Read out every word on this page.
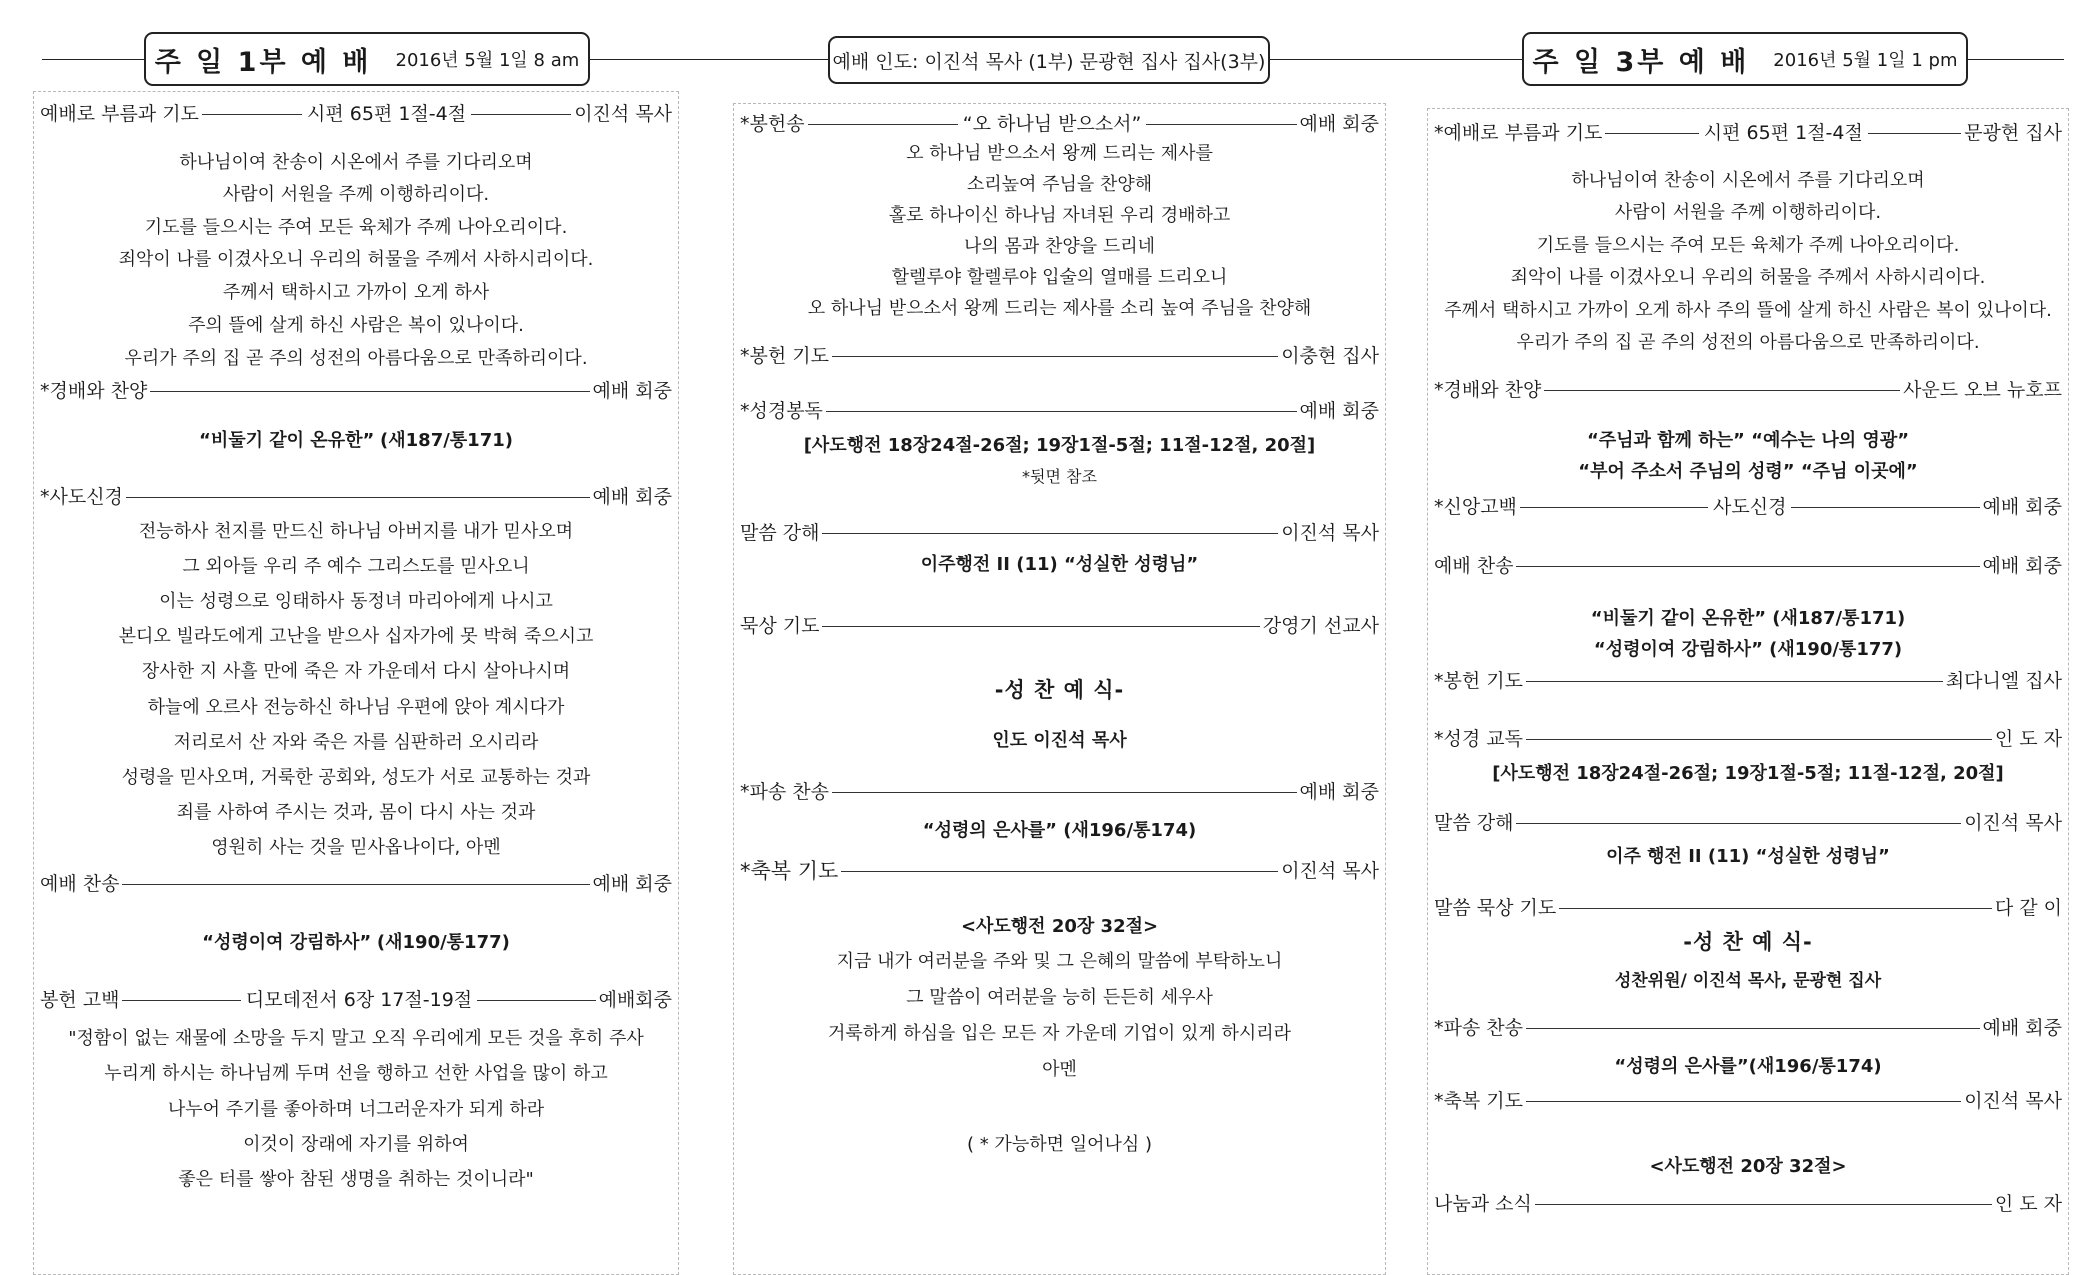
주 일 1부 예 배 2016년 5월 1일 8 am	예배 인도: 이진석 목사 (1부) 문광현 집사 집사(3부)	주 일 3부 예 배 2016년 5월 1일 1 pm
예배로 부름과 기도	시편 65편 1절-4절	이진석 목사
하나님이여 찬송이 시온에서 주를 기다리오며
사람이 서원을 주께 이행하리이다.
기도를 들으시는 주여 모든 육체가 주께 나아오리이다.
죄악이 나를 이겼사오니 우리의 허물을 주께서 사하시리이다.
주께서 택하시고 가까이 오게 하사
주의 뜰에 살게 하신 사람은 복이 있나이다.
우리가 주의 집 곧 주의 성전의 아름다움으로 만족하리이다.
*경배와 찬양	예배 회중
“비둘기 같이 온유한” (새187/통171)
*사도신경	예배 회중
전능하사 천지를 만드신 하나님 아버지를 내가 믿사오며
그 외아들 우리 주 예수 그리스도를 믿사오니
이는 성령으로 잉태하사 동정녀 마리아에게 나시고
본디오 빌라도에게 고난을 받으사 십자가에 못 박혀 죽으시고
장사한 지 사흘 만에 죽은 자 가운데서 다시 살아나시며
하늘에 오르사 전능하신 하나님 우편에 앉아 계시다가
저리로서 산 자와 죽은 자를 심판하러 오시리라
성령을 믿사오며, 거룩한 공회와, 성도가 서로 교통하는 것과
죄를 사하여 주시는 것과, 몸이 다시 사는 것과
영원히 사는 것을 믿사옵나이다, 아멘
예배 찬송	예배 회중
“성령이여 강림하사” (새190/통177)
봉헌 고백	디모데전서 6장 17절-19절	예배회중
"정함이 없는 재물에 소망을 두지 말고 오직 우리에게 모든 것을 후히 주사
누리게 하시는 하나님께 두며 선을 행하고 선한 사업을 많이 하고
나누어 주기를 좋아하며 너그러운자가 되게 하라
이것이 장래에 자기를 위하여
좋은 터를 쌓아 참된 생명을 취하는 것이니라"
*봉헌송	“오 하나님 받으소서”	예배 회중
오 하나님 받으소서 왕께 드리는 제사를
소리높여 주님을 찬양해
홀로 하나이신 하나님 자녀된 우리 경배하고
나의 몸과 찬양을 드리네
할렐루야 할렐루야 입술의 열매를 드리오니
오 하나님 받으소서 왕께 드리는 제사를 소리 높여 주님을 찬양해
*봉헌 기도	이충현 집사
*성경봉독	예배 회중
[사도행전 18장24절-26절; 19장1절-5절; 11절-12절, 20절]
*뒷면 참조
말씀 강해	이진석 목사
이주행전 II (11) “성실한 성령님”
묵상 기도	강영기 선교사
-성 찬 예 식-
인도 이진석 목사
*파송 찬송	예배 회중
“성령의 은사를” (새196/통174)
*축복 기도	이진석 목사
<사도행전 20장 32절>
지금 내가 여러분을 주와 및 그 은혜의 말씀에 부탁하노니
그 말씀이 여러분을 능히 든든히 세우사
거룩하게 하심을 입은 모든 자 가운데 기업이 있게 하시리라
아멘
( * 가능하면 일어나심 )
*예배로 부름과 기도	시편 65편 1절-4절	문광현 집사
하나님이여 찬송이 시온에서 주를 기다리오며
사람이 서원을 주께 이행하리이다.
기도를 들으시는 주여 모든 육체가 주께 나아오리이다.
죄악이 나를 이겼사오니 우리의 허물을 주께서 사하시리이다.
주께서 택하시고 가까이 오게 하사 주의 뜰에 살게 하신 사람은 복이 있나이다.
우리가 주의 집 곧 주의 성전의 아름다움으로 만족하리이다.
*경배와 찬양	사운드 오브 뉴호프
“주님과 함께 하는” “예수는 나의 영광”
“부어 주소서 주님의 성령” “주님 이곳에”
*신앙고백	사도신경	예배 회중
예배 찬송	예배 회중
“비둘기 같이 온유한” (새187/통171)
“성령이여 강림하사” (새190/통177)
*봉헌 기도	최다니엘 집사
*성경 교독	인 도 자
[사도행전 18장24절-26절; 19장1절-5절; 11절-12절, 20절]
말씀 강해	이진석 목사
이주 행전 II (11) “성실한 성령님”
말씀 묵상 기도	다 같 이
-성 찬 예 식-
성찬위원/ 이진석 목사, 문광현 집사
*파송 찬송	예배 회중
“성령의 은사를”(새196/통174)
*축복 기도	이진석 목사
<사도행전 20장 32절>
나눔과 소식	인 도 자
